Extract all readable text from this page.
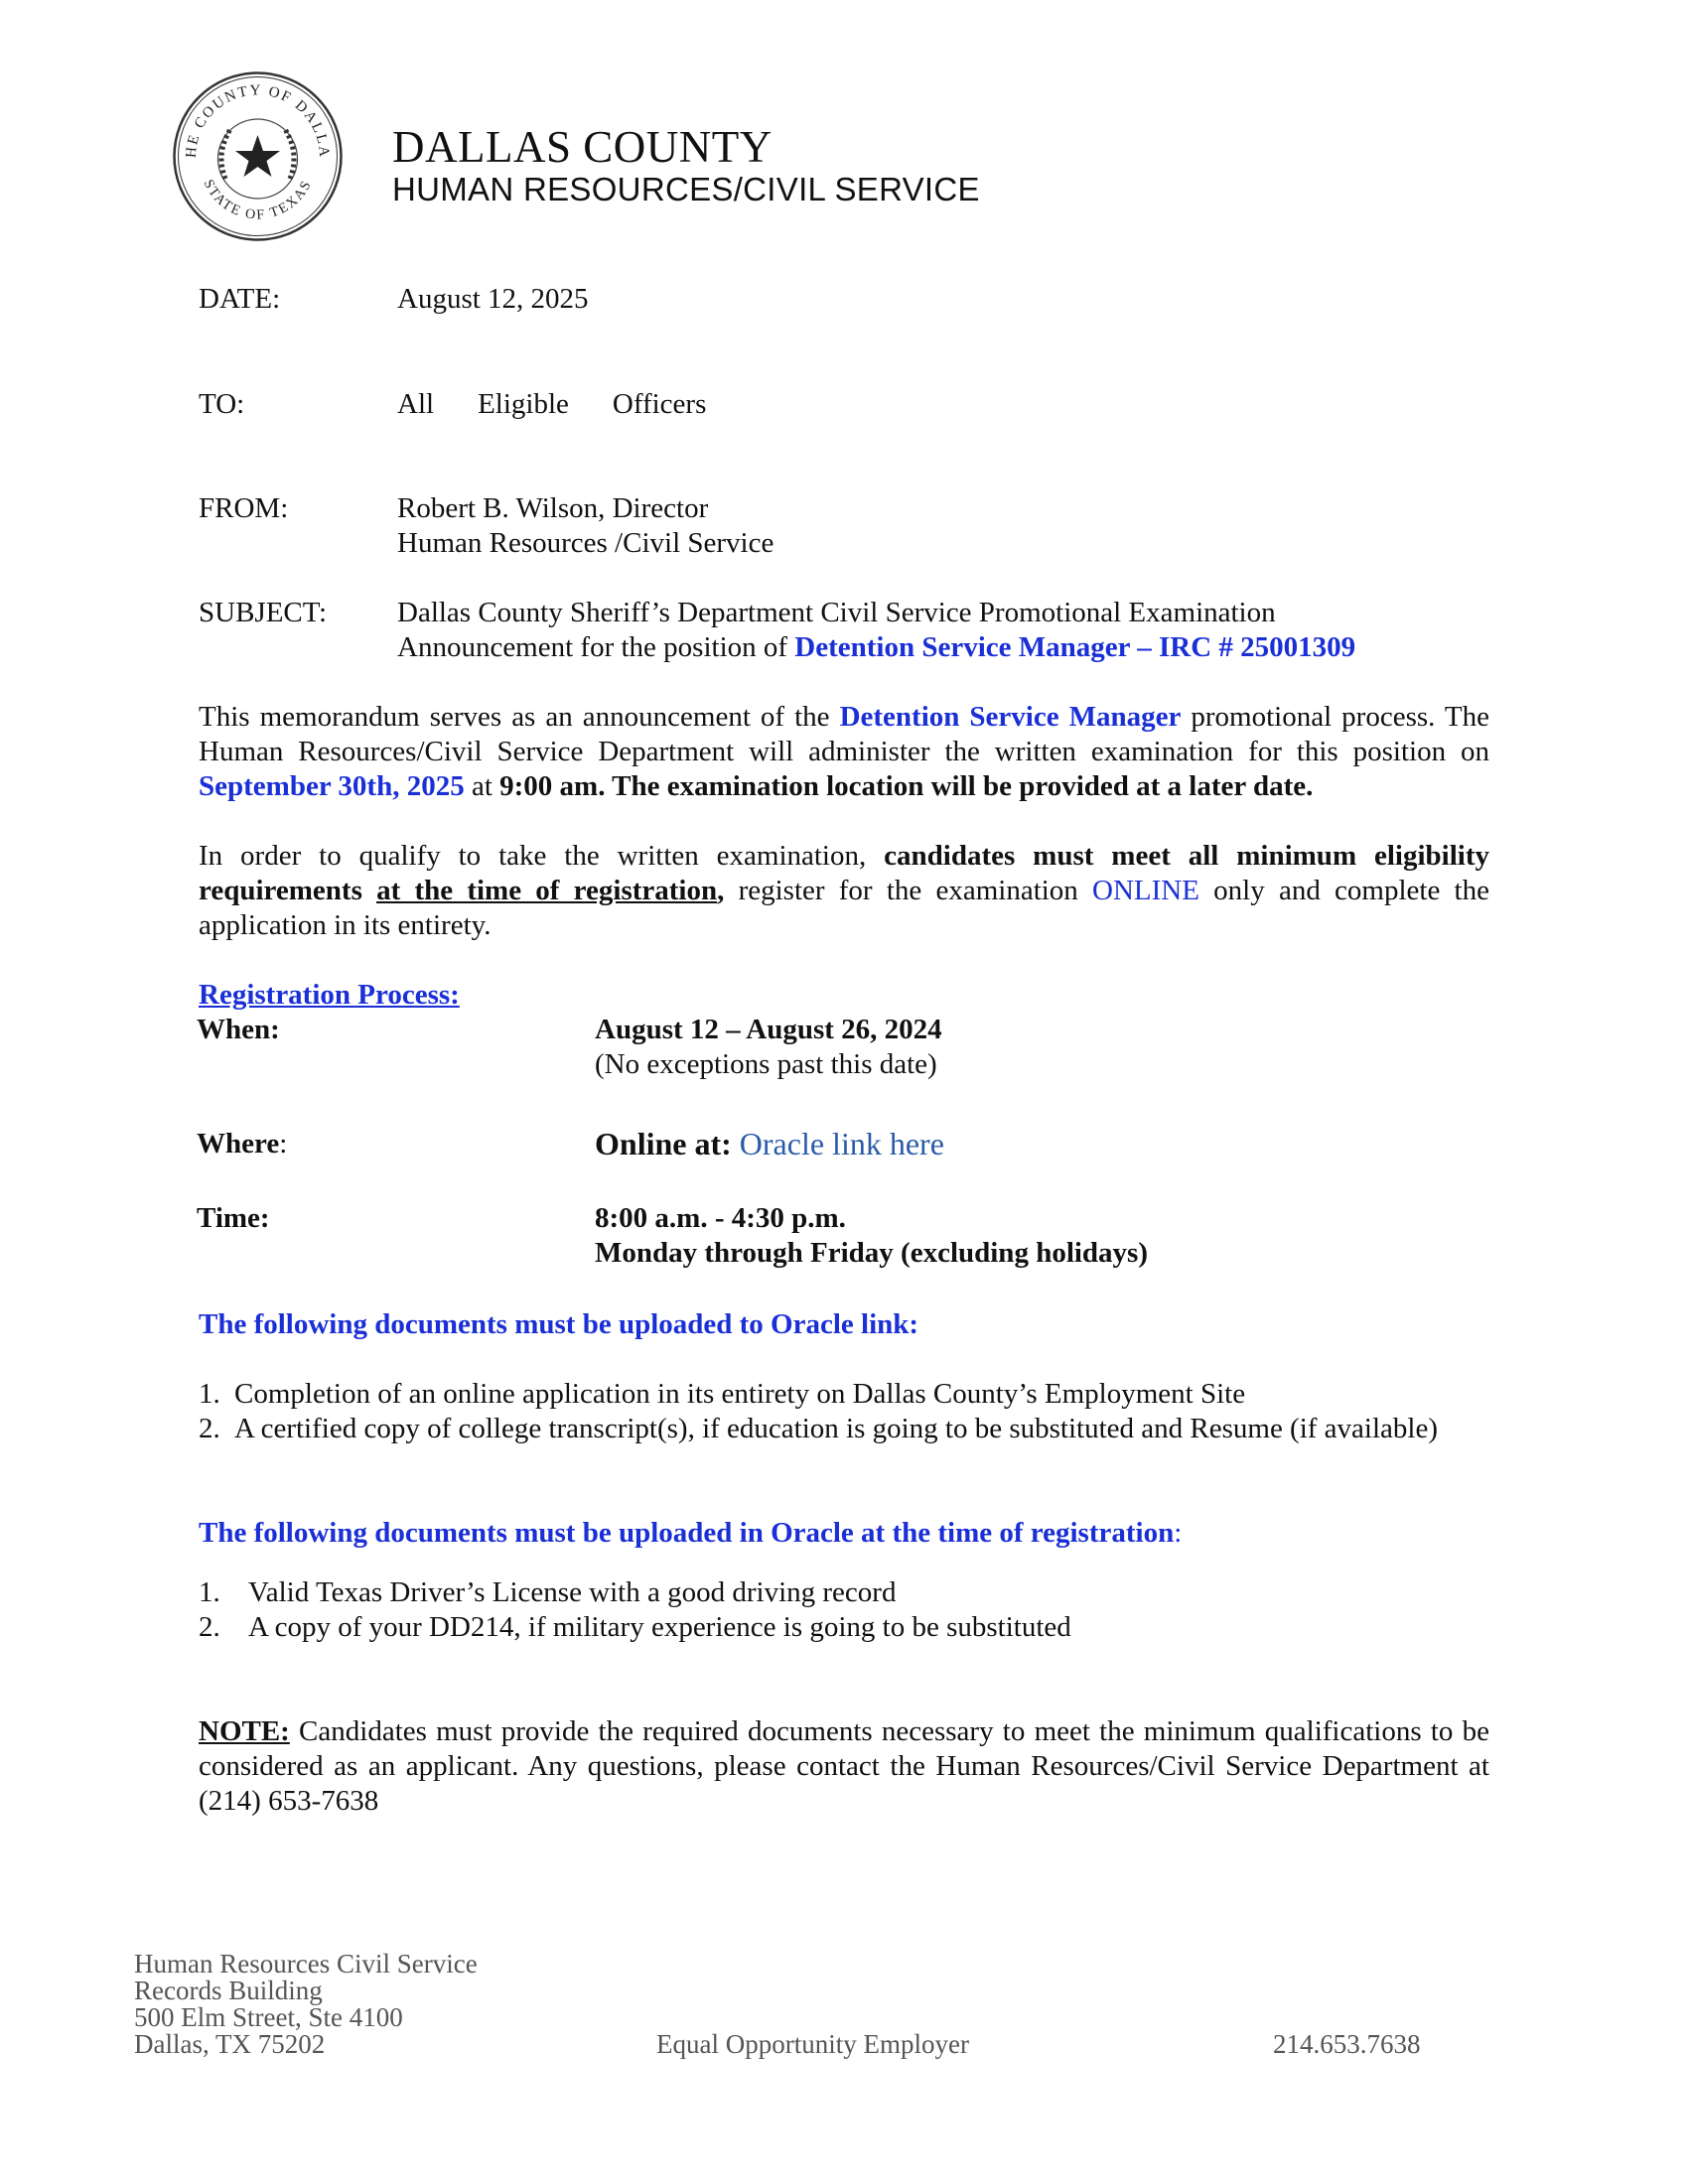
HE COUNTY OF DALLA
STATE OF TEXAS
DALLAS COUNTY
HUMAN RESOURCES/CIVIL SERVICE
DATE:	August 12, 2025
TO:	All Eligible Officers
FROM:	Robert B. Wilson, Director
Human Resources /Civil Service
SUBJECT: Dallas County Sheriff’s Department Civil Service Promotional Examination
Announcement for the position of Detention Service Manager – IRC # 25001309
This memorandum serves as an announcement of the Detention Service Manager promotional process. The Human Resources/Civil Service Department will administer the written examination for this position on September 30th, 2025 at 9:00 am. The examination location will be provided at a later date.
In order to qualify to take the written examination, candidates must meet all minimum eligibility requirements at the time of registration, register for the examination ONLINE only and complete the application in its entirety.
Registration Process:
When:	August 12 – August 26, 2024
(No exceptions past this date)
Where:	Online at: Oracle link here
Time:	8:00 a.m. - 4:30 p.m.
Monday through Friday (excluding holidays)
The following documents must be uploaded to Oracle link:
1. Completion of an online application in its entirety on Dallas County’s Employment Site
2. A certified copy of college transcript(s), if education is going to be substituted and Resume (if available)
The following documents must be uploaded in Oracle at the time of registration:
1. Valid Texas Driver’s License with a good driving record
2. A copy of your DD214, if military experience is going to be substituted
NOTE: Candidates must provide the required documents necessary to meet the minimum qualifications to be considered as an applicant. Any questions, please contact the Human Resources/Civil Service Department at (214) 653-7638
Human Resources Civil Service
Records Building
500 Elm Street, Ste 4100
Dallas, TX 75202	Equal Opportunity Employer	214.653.7638
